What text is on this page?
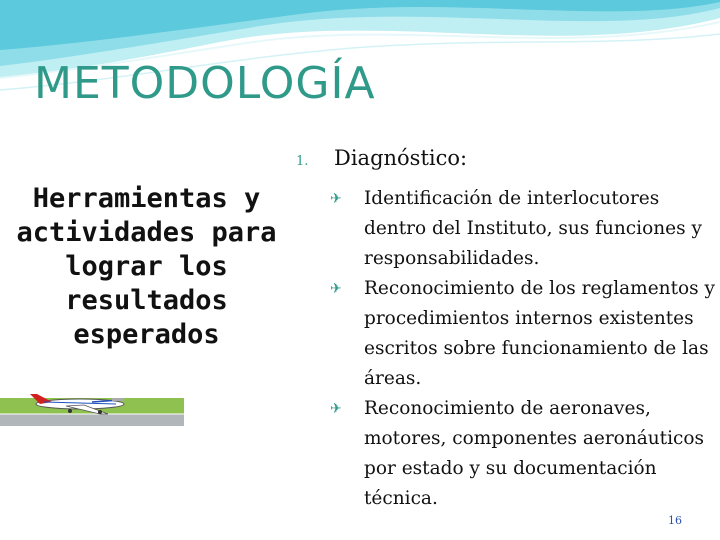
METODOLOGÍA
Herramientas y actividades para lograr los resultados esperados
1. Diagnóstico:
✈ Identificación de interlocutores dentro del Instituto, sus funciones y responsabilidades.
✈ Reconocimiento de los reglamentos y procedimientos internos existentes escritos sobre funcionamiento de las áreas.
✈ Reconocimiento de aeronaves, motores, componentes aeronáuticos por estado y su documentación técnica.
16
